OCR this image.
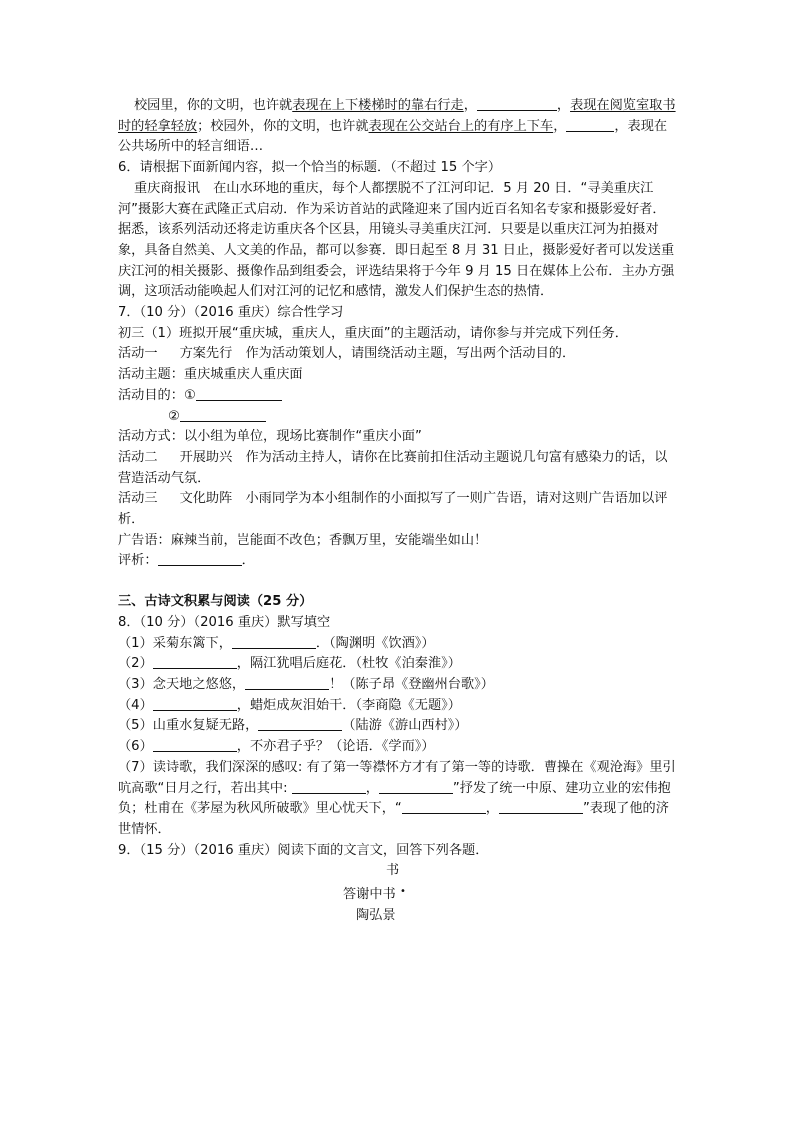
校园里，你的文明，也许就表现在上下楼梯时的靠右行走，	，表现在阅览室取书时的轻拿轻放；校园外，你的文明，也许就表现在公交站台上的有序上下车，	，表现在公共场所中的轻言细语…

6．请根据下面新闻内容，拟一个恰当的标题．（不超过 15 个字）

重庆商报讯　在山水环地的重庆，每个人都摆脱不了江河印记．5 月 20 日．“寻美重庆江河”摄影大赛在武隆正式启动．作为采访首站的武隆迎来了国内近百名知名专家和摄影爱好者．据悉，该系列活动还将走访重庆各个区县，用镜头寻美重庆江河．只要是以重庆江河为拍摄对象，具备自然美、人文美的作品，都可以参赛．即日起至 8 月 31 日止，摄影爱好者可以发送重庆江河的相关摄影、摄像作品到组委会，评选结果将于今年 9 月 15 日在媒体上公布．主办方强调，这项活动能唤起人们对江河的记忆和感情，激发人们保护生态的热情．

7．（10 分）（2016 重庆）综合性学习

初三（1）班拟开展“重庆城，重庆人，重庆面”的主题活动，请你参与并完成下列任务．

活动一 方案先行　作为活动策划人，请围绕活动主题，写出两个活动目的．

活动主题：重庆城重庆人重庆面

活动目的：①

②

活动方式：以小组为单位，现场比赛制作“重庆小面”

活动二 开展助兴　作为活动主持人，请你在比赛前扣住活动主题说几句富有感染力的话，以营造活动气氛．

活动三 文化助阵　小雨同学为本小组制作的小面拟写了一则广告语，请对这则广告语加以评析．

广告语：麻辣当前，岂能面不改色；香飘万里，安能端坐如山！

评析：	．

三、古诗文积累与阅读（25 分）

8．（10 分）（2016 重庆）默写填空

（1）采菊东篱下，	．（陶渊明《饮酒》）

（2）	，隔江犹唱后庭花．（杜牧《泊秦淮》）

（3）念天地之悠悠，	！（陈子昂《登幽州台歌》）

（4）	，蜡炬成灰泪始干．（李商隐《无题》）

（5）山重水复疑无路，	（陆游《游山西村》）

（6）	，不亦君子乎？（论语．《学而》）

（7）读诗歌，我们深深的感叹: 有了第一等襟怀方才有了第一等的诗歌．曹操在《观沧海》里引吭高歌“日月之行，若出其中:	，	”抒发了统一中原、建功立业的宏伟抱负；杜甫在《茅屋为秋风所破歌》里心忧天下，“	，	”表现了他的济世情怀．

9．（15 分）（2016 重庆）阅读下面的文言文，回答下列各题．

书

答谢中书 •

陶弘景
